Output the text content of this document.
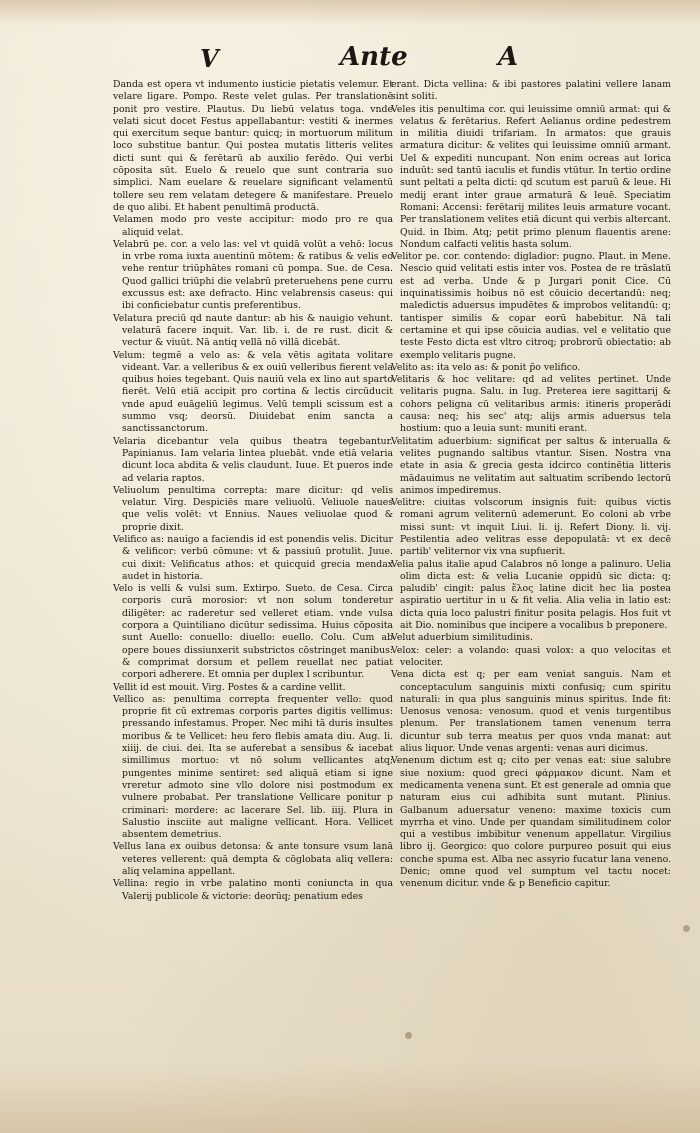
V	Ante	A

Danda est opera vt indumento iusticie pietatis velemur. Et velare ligare. Pompo. Reste velet gulas. Per translationē ponit pro vestire. Plautus. Du liebū velatus toga. vnde velati sicut docet Festus appellabantur: vestiti & inermes qui exercitum seque bantur: quicq; in mortuorum militum loco substitue bantur. Qui postea mutatis litteris velites dicti sunt qui & ferētarū ab auxilio ferēdo. Qui verbi cōposita sūt. Euelo & reuelo que sunt contraria suo simplici. Nam euelare & reuelare significant velamentū tollere seu rem velatam detegere & manifestare. Preuelo de quo alibi. Et habent penultimā productā.

Velamen modo pro veste accipitur: modo pro re qua aliquid velat.

Velabrū pe. cor. a velo las: vel vt quidā volūt a vehō: locus in vrbe roma iuxta auentinū mōtem: & ratibus & velis eo vehe rentur triūphātes romani cū pompa. Sue. de Cesa. Quod gallici triūphi die velabrū preteruehens pene curru excussus est: axe defracto. Hinc velabrensis caseus: qui ibi conficiebatur cuntis preferentibus.

Velatura preciū qd naute dantur: ab his & nauigio vehunt. velaturā facere inquit. Var. lib. i. de re rust. dicit & vectur & viuūt. Nā antiq vellā nō villā dicebāt.

Velum: tegmē a velo as: & vela vētis agitata volitare videant. Var. a velleribus & ex ouiū velleribus fierent vela quibus hoies tegebant. Quis nauiū vela ex lino aut sparto fierēt. Velū etiā accipit pro cortina & lectis circūducit vnde apud euāgeliū legimus. Velū templi scissum est a summo vsq; deorsū. Diuidebat enim sancta a sanctissanctorum.

Velaria dicebantur vela quibus theatra tegebantur. Papinianus. Iam velaria lintea pluebāt. vnde etiā velaria dicunt loca abdita & velis claudunt. Iuue. Et pueros inde ad velaria raptos.

Veliuolum penultima correpta: mare dicitur: qd velis velatur. Virg. Despiciēs mare veliuolū. Veliuole naues que velis volēt: vt Ennius. Naues veliuolae quod & proprie dixit.

Velifico as: nauigo a faciendis id est ponendis velis. Dicitur & velificor: verbū cōmune: vt & passiuū protulit. Juue. cui dixit: Velificatus athos: et quicquid grecia mendax audet in historia.

Velo is velli & vulsi sum. Extirpo. Sueto. de Cesa. Circa corporis curā morosior: vt non solum tonderetur diligēter: ac raderetur sed velleret etiam. vnde vulsa corpora a Quintiliano dicūtur sedissima. Huius cōposita sunt Auello: conuello: diuello: euello. Colu. Cum ab opere boues dissiunxerit substrictos cōstringet manibus: & comprimat dorsum et pellem reuellat nec patiat corpori adherere. Et omnia per duplex l scribuntur.

Vellit id est mouit. Virg. Postes & a cardine vellit.

Vellico as: penultima correpta frequenter vello: quod proprie fit cū extremas corporis partes digitis vellimus: pressando infestamus. Proper. Nec mihi tā duris insultes moribus & te Vellicet: heu fero flebis amata diu. Aug. li. xiiij. de ciui. dei. Ita se auferebat a sensibus & iacebat simillimus mortuo: vt nō solum vellicantes atq; pungentes minime sentiret: sed aliquā etiam si igne vreretur admoto sine vllo dolore nisi postmodum ex vulnere probabat. Per translatione Vellicare ponitur p criminari: mordere: ac lacerare Sel. lib. iiij. Plura in Salustio insciite aut maligne vellicant. Hora. Vellicet absentem demetrius.

Vellus lana ex ouibus detonsa: & ante tonsure vsum lanā veteres vellerent: quā dempta & cōglobata aliq vellera: aliq velamina appellant.

Vellina: regio in vrbe palatino monti coniuncta in qua Valerij publicole & victorie: deorūq; penatium edes

erant. Dicta vellina: & ibi pastores palatini vellere lanam sint soliti.

Veles itis penultima cor. qui leuissime omniū armat: qui & velatus & ferētarius. Refert Aelianus ordine pedestrem in militia diuidi trifariam. In armatos: que grauis armatura dicitur: & velites qui leuissime omniū armant. Uel & expediti nuncupant. Non enim ocreas aut lorica induūt: sed tantū iaculis et fundis vtūtur. In tertio ordine sunt peltati a pelta dicti: qd scutum est paruū & leue. Hi medij erant inter graue armaturā & leuē. Speciatim Romani: Accensi: ferētarij milites leuis armature vocant. Per translationem velites etiā dicunt qui verbis altercant. Quid. in Ibim. Atq; petit primo plenum flauentis arene: Nondum calfacti velitis hasta solum.

Velitor pe. cor. contendo: digladior: pugno. Plaut. in Mene. Nescio quid velitati estis inter vos. Postea de re trāslatū est ad verba. Unde & p Jurgari ponit Cice. Cū inquinatissimis hoibus nō est cōuicio decertandū: neq; maledictis aduersus impudētes & improbos velitandū: q; tantisper similis & copar eorū habebitur. Nā tali certamine et qui ipse cōuicia audias. vel e velitatio que teste Festo dicta est vltro citroq; probrorū obiectatio: ab exemplo velitaris pugne.

Velito as: ita velo as: & ponit p̄o velifico.

Velitaris & hoc velitare: qd ad velites pertinet. Unde velitaris pugna. Salu. in Iug. Preterea iere sagittarij & cohors peligna cū velitaribus armis: itineris properādi causa: neq; his sec' atq; alijs armis aduersus tela hostium: quo a leuia sunt: muniti erant.

Velitatim aduerbium: significat per saltus & interualla & velites pugnando saltibus vtantur. Sisen. Nostra vna etate in asia & grecia gesta idcirco continētia litteris mādauimus ne velitatim aut saltuatim scribendo lectorū animos impediremus.

Velitre: ciuitas volscorum insignis fuit: quibus victis romani agrum veliternū ademerunt. Eo coloni ab vrbe missi sunt: vt inquit Liui. li. ij. Refert Diony. li. vij. Pestilentia adeo velitras esse depopulatā: vt ex decē partib' veliternor vix vna supfuerit.

Velia palus italie apud Calabros nō longe a palinuro. Uelia olim dicta est: & velia Lucanie oppidū sic dicta: q; paludib' cingit: palus ἕλος latine dicit hec lia postea aspiratio uertitur in u & fit velia. Alia velia in latio est: dicta quia loco palustri finitur posita pelagis. Hos fuit vt ait Dio. nominibus que incipere a vocalibus b preponere.

Velut aduerbium similitudinis.

Velox: celer: a volando: quasi volox: a quo velocitas et velociter.

Vena dicta est q; per eam veniat sanguis. Nam et conceptaculum sanguinis mixti confusiq; cum spiritu naturali: in qua plus sanguinis minus spiritus. Inde fit: Uenosus venosa: venosum. quod et venis turgentibus plenum. Per translationem tamen venenum terra dicuntur sub terra meatus per quos vnda manat: aut alius liquor. Unde venas argenti: venas auri dicimus.

Venenum dictum est q; cito per venas eat: siue salubre siue noxium: quod greci φάρμακον dicunt. Nam et medicamenta venena sunt. Et est generale ad omnia que naturam eius cui adhibita sunt mutant. Plinius. Galbanum aduersatur veneno: maxime toxicis cum myrrha et vino. Unde per quandam similitudinem color qui a vestibus imbibitur venenum appellatur. Virgilius libro ij. Georgico: quo colore purpureo posuit qui eius conche spuma est. Alba nec assyrio fucatur lana veneno. Denic; omne quod vel sumptum vel tactu nocet: venenum dicitur. vnde & p Beneficio capitur.
